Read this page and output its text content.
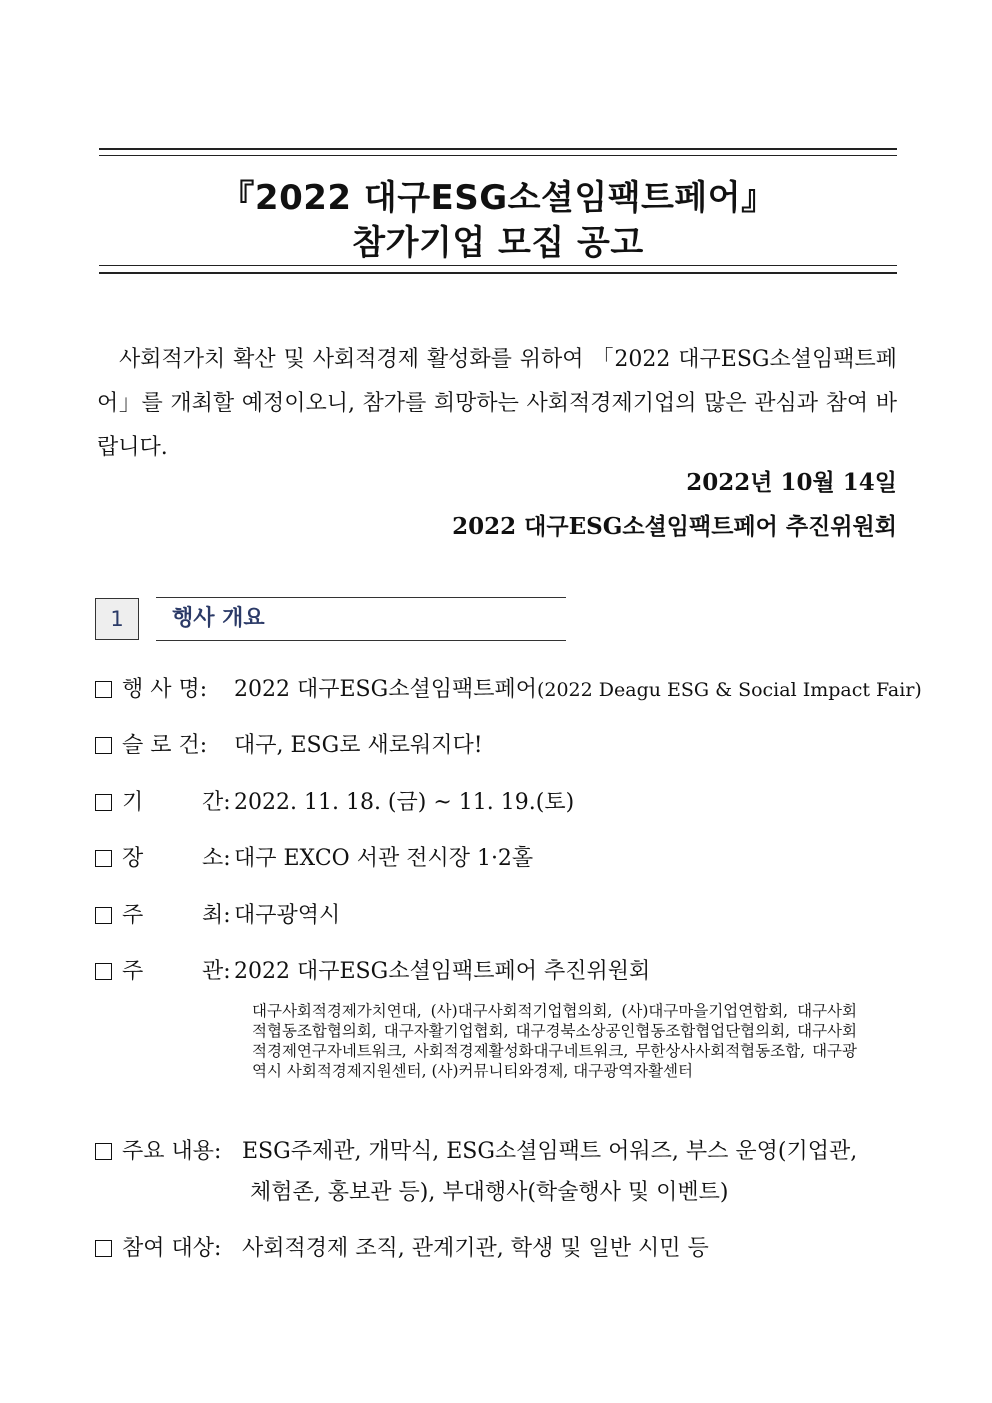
『2022 대구ESG소셜임팩트페어』
참가기업 모집 공고

사회적가치 확산 및 사회적경제 활성화를 위하여 「2022 대구ESG소셜임팩트페어」를 개최할 예정이오니, 참가를 희망하는 사회적경제기업의 많은 관심과 참여 바랍니다.

2022년 10월 14일
2022 대구ESG소셜임팩트페어 추진위원회
1	행사 개요
행 사 명: 2022 대구ESG소셜임팩트페어(2022 Deagu ESG & Social Impact Fair)
슬 로 건: 대구, ESG로 새로워지다!
기	간: 2022. 11. 18. (금) ~ 11. 19.(토)
장	소: 대구 EXCO 서관 전시장 1·2홀
주	최: 대구광역시
주	관: 2022 대구ESG소셜임팩트페어 추진위원회

대구사회적경제가치연대, (사)대구사회적기업협의회, (사)대구마을기업연합회, 대구사회적협동조합협의회, 대구자활기업협회, 대구경북소상공인협동조합협업단협의회, 대구사회적경제연구자네트워크, 사회적경제활성화대구네트워크, 무한상사사회적협동조합, 대구광역시 사회적경제지원센터, (사)커뮤니티와경제, 대구광역자활센터

주요 내용: ESG주제관, 개막식, ESG소셜임팩트 어워즈, 부스 운영(기업관,
체험존, 홍보관 등), 부대행사(학술행사 및 이벤트)
참여 대상: 사회적경제 조직, 관계기관, 학생 및 일반 시민 등
